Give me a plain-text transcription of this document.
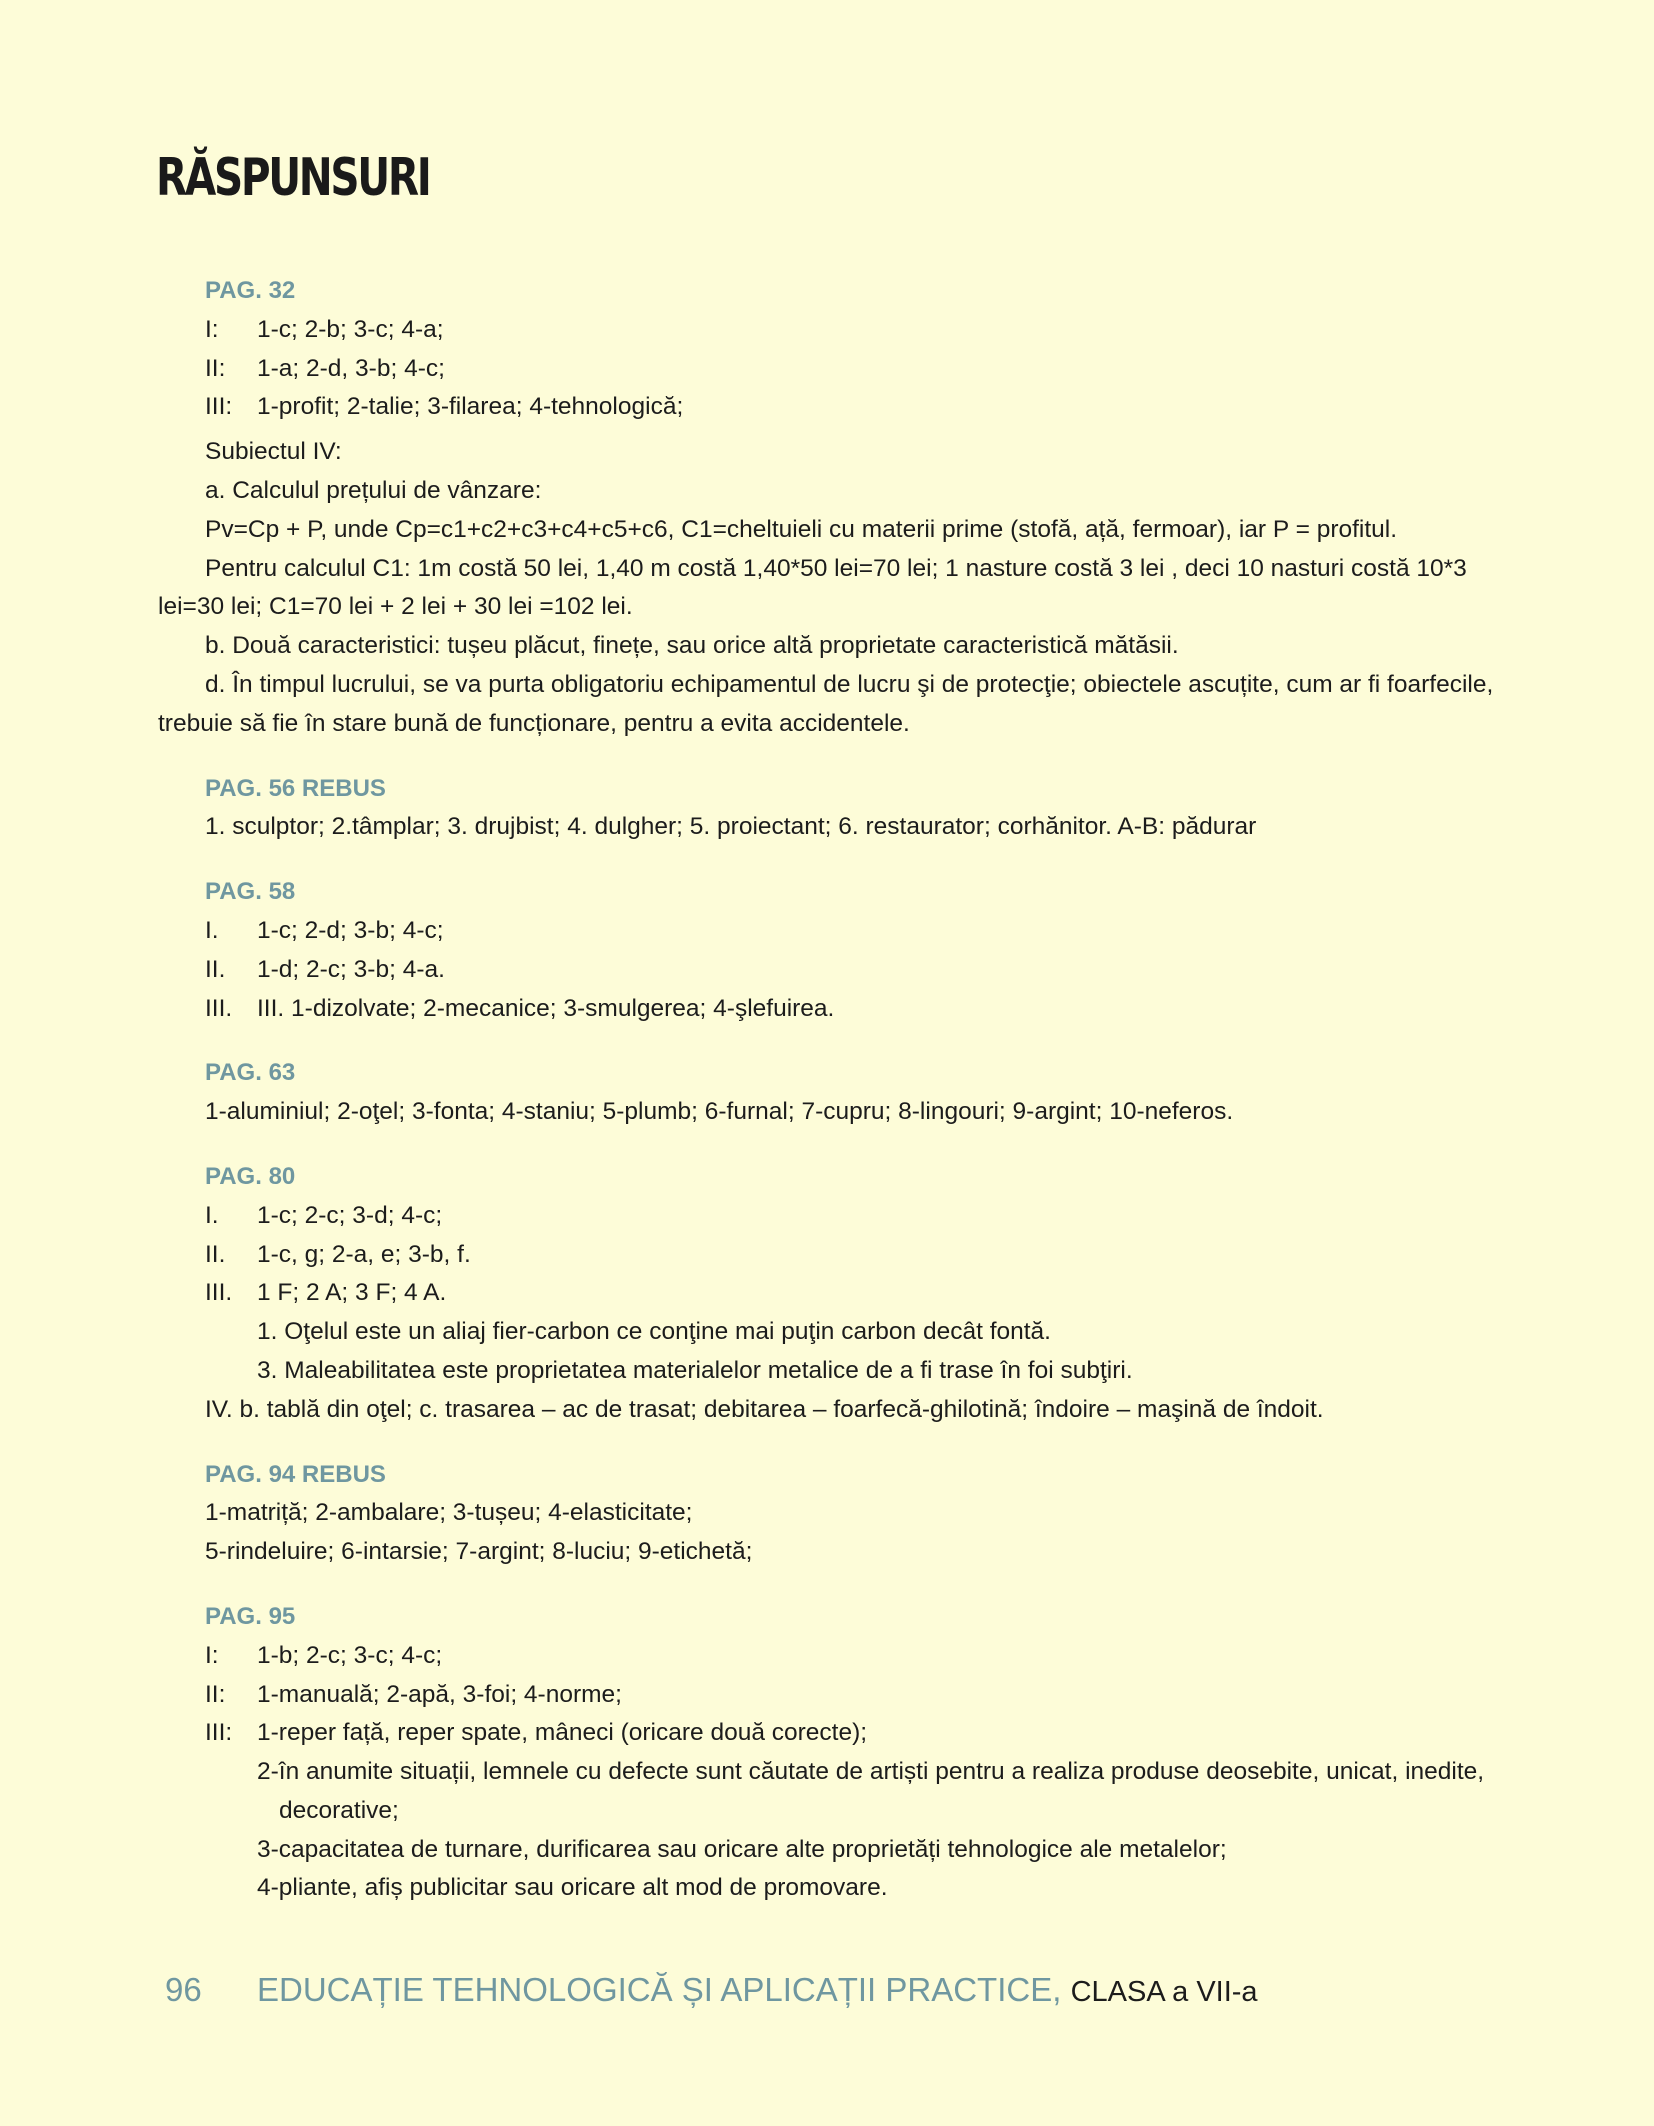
RĂSPUNSURI
PAG. 32
I:	1-c; 2-b; 3-c; 4-a;
II:	1-a; 2-d, 3-b; 4-c;
III:	1-profit; 2-talie; 3-filarea; 4-tehnologică;
Subiectul IV:
a. Calculul prețului de vânzare:
Pv=Cp + P, unde Cp=c1+c2+c3+c4+c5+c6, C1=cheltuieli cu materii prime (stofă, ață, fermoar), iar P = profitul.
Pentru calculul C1: 1m costă 50 lei, 1,40 m costă 1,40*50 lei=70 lei; 1 nasture costă 3 lei , deci 10 nasturi costă 10*3 lei=30 lei; C1=70 lei + 2 lei + 30 lei =102 lei.
b. Două caracteristici: tușeu plăcut, finețe, sau orice altă proprietate caracteristică mătăsii.
d. În timpul lucrului, se va purta obligatoriu echipamentul de lucru şi de protecţie; obiectele ascuțite, cum ar fi foarfecile, trebuie să fie în stare bună de funcționare, pentru a evita accidentele.
PAG. 56 REBUS
1. sculptor; 2.tâmplar; 3. drujbist; 4. dulgher; 5. proiectant; 6. restaurator; corhănitor. A-B: pădurar
PAG. 58
I.	1-c; 2-d; 3-b; 4-c;
II.	1-d; 2-c; 3-b; 4-a.
III.	III. 1-dizolvate; 2-mecanice; 3-smulgerea; 4-şlefuirea.
PAG. 63
1-aluminiul; 2-oţel; 3-fonta; 4-staniu; 5-plumb; 6-furnal; 7-cupru; 8-lingouri; 9-argint; 10-neferos.
PAG. 80
I.	1-c; 2-c; 3-d; 4-c;
II.	1-c, g; 2-a, e; 3-b, f.
III.	1 F; 2 A; 3 F; 4 A.
1. Oţelul este un aliaj fier-carbon ce conţine mai puţin carbon decât fontă.
3. Maleabilitatea este proprietatea materialelor metalice de a fi trase în foi subţiri.
IV. b. tablă din oţel; c. trasarea – ac de trasat; debitarea – foarfecă-ghilotină; îndoire – maşină de îndoit.
PAG. 94 REBUS
1-matriță; 2-ambalare; 3-tușeu; 4-elasticitate;
5-rindeluire; 6-intarsie; 7-argint; 8-luciu; 9-etichetă;
PAG. 95
I:	1-b; 2-c; 3-c; 4-c;
II:	1-manuală; 2-apă, 3-foi; 4-norme;
III:	1-reper față, reper spate, mâneci (oricare două corecte);
2-în anumite situații, lemnele cu defecte sunt căutate de artiști pentru a realiza produse deosebite, unicat, inedite, decorative;
3-capacitatea de turnare, durificarea sau oricare alte proprietăți tehnologice ale metalelor;
4-pliante, afiș publicitar sau oricare alt mod de promovare.
96 EDUCAȚIE TEHNOLOGICĂ ȘI APLICAȚII PRACTICE, CLASA a VII-a
